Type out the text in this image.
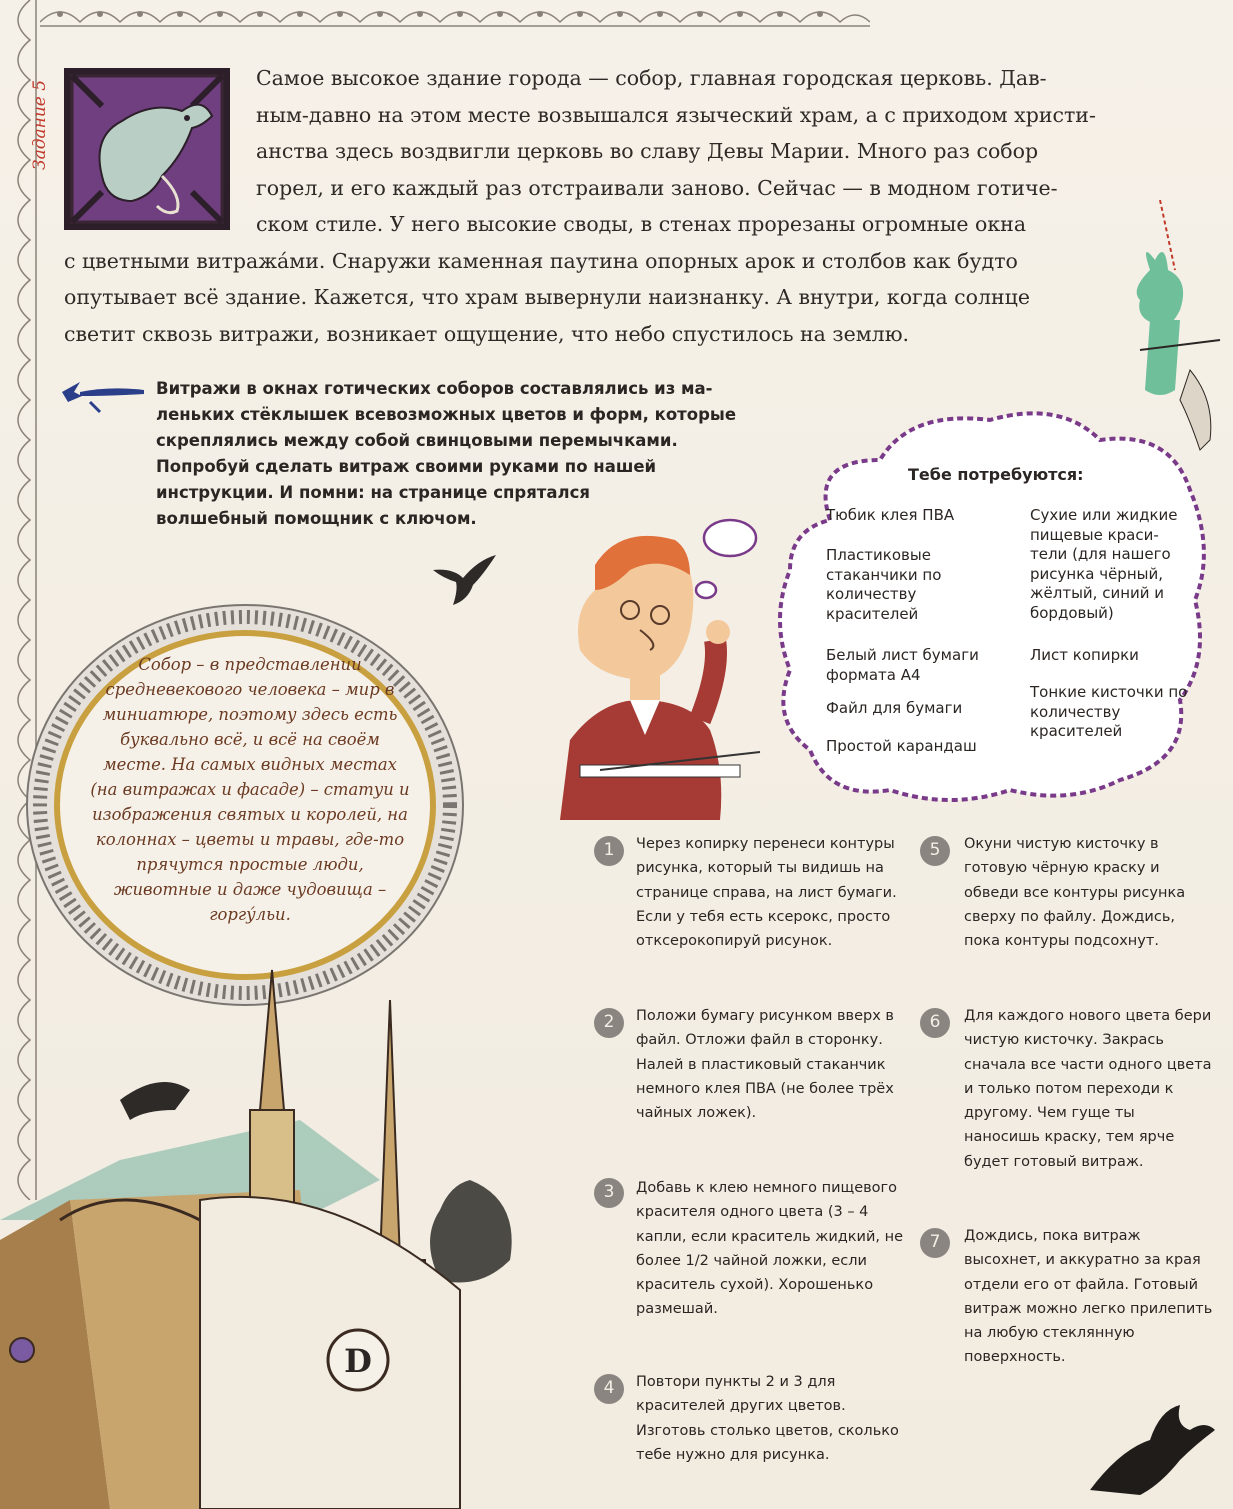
Задание 5
Самое высокое здание города — собор, главная городская церковь. Дав-
ным-давно на этом месте возвышался языческий храм, а с приходом христи-
анства здесь воздвигли церковь во славу Девы Марии. Много раз собор
горел, и его каждый раз отстраивали заново. Сейчас — в модном готиче-
ском стиле. У него высокие своды, в стенах прорезаны огромные окна
с цветными витража́ми. Снаружи каменная паутина опорных арок и столбов как будто
опутывает всё здание. Кажется, что храм вывернули наизнанку. А внутри, когда солнце
светит сквозь витражи, возникает ощущение, что небо спустилось на землю.
Витражи в окнах готических соборов составлялись из ма-
леньких стёклышек всевозможных цветов и форм, которые
скреплялись между собой свинцовыми перемычками.
Попробуй сделать витраж своими руками по нашей
инструкции. И помни: на странице спрятался
волшебный помощник с ключом.
Тебе потребуются:
Тюбик клея ПВА
Пластиковые стаканчики по количеству красителей
Белый лист бумаги формата А4
Файл для бумаги
Простой карандаш
Сухие или жидкие пищевые краси- тели (для нашего рисунка чёрный, жёлтый, синий и бордовый)
Лист копирки
Тонкие кисточки по количеству красителей
Собор – в представлении средневекового человека – мир в миниатюре, поэтому здесь есть буквально всё, и всё на своём месте. На самых видных местах (на витражах и фасаде) – статуи и изображения святых и королей, на колоннах – цветы и травы, где-то прячутся простые люди, животные и даже чудовища – горгу́льи.
D
1	Через копирку перенеси контуры рисунка, который ты видишь на странице справа, на лист бумаги. Если у тебя есть ксерокс, просто отксерокопируй рисунок.
2	Положи бумагу рисунком вверх в файл. Отложи файл в сторонку. Налей в пластиковый стаканчик немного клея ПВА (не более трёх чайных ложек).
3	Добавь к клею немного пищевого красителя одного цвета (3 – 4 капли, если краситель жидкий, не более 1/2 чайной ложки, если краситель сухой). Хорошенько размешай.
4	Повтори пункты 2 и 3 для красителей других цветов. Изготовь столько цветов, сколько тебе нужно для рисунка.
5	Окуни чистую кисточку в готовую чёрную краску и обведи все контуры рисунка сверху по файлу. Дождись, пока контуры подсохнут.
6	Для каждого нового цвета бери чистую кисточку. Закрась сначала все части одного цвета и только потом переходи к другому. Чем гуще ты наносишь краску, тем ярче будет готовый витраж.
7	Дождись, пока витраж высохнет, и аккуратно за края отдели его от файла. Готовый витраж можно легко прилепить на любую стеклянную поверхность.
